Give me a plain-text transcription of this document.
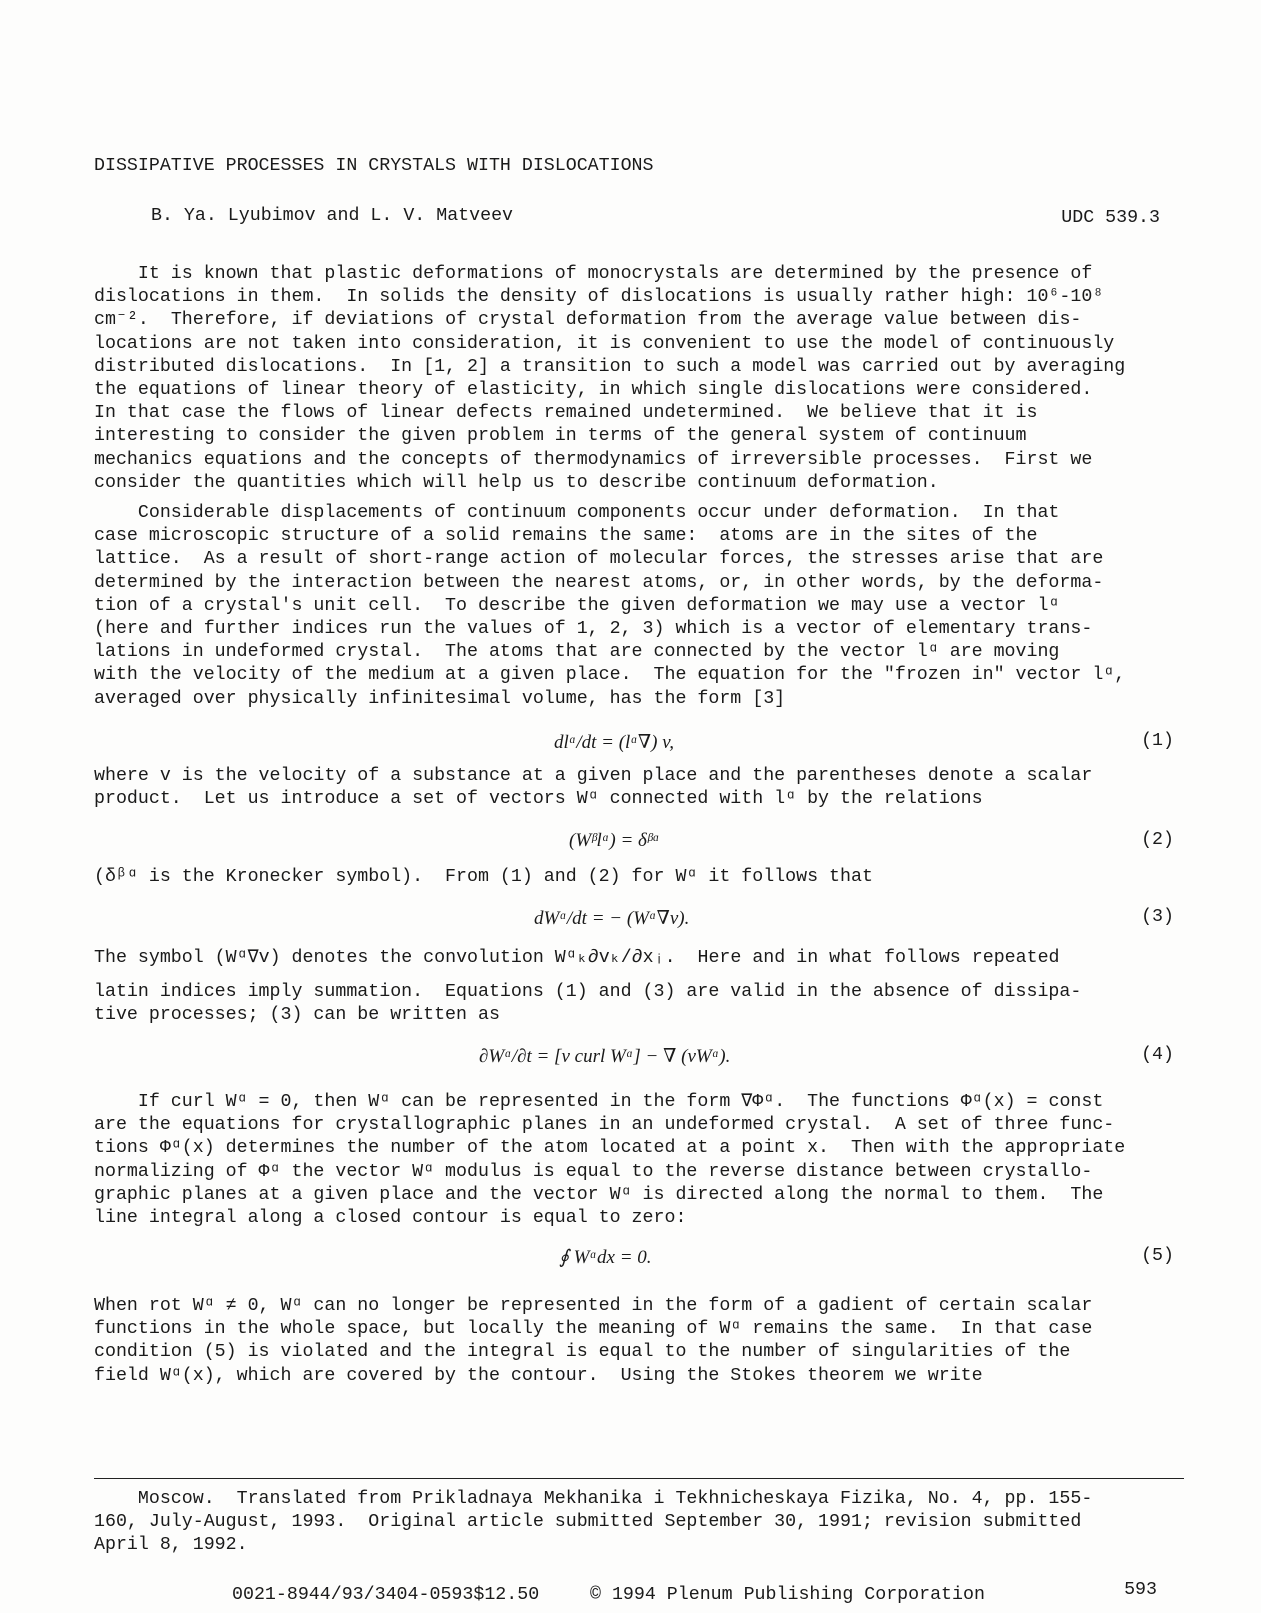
DISSIPATIVE PROCESSES IN CRYSTALS WITH DISLOCATIONS
B. Ya. Lyubimov and L. V. Matveev	UDC 539.3

It is known that plastic deformations of monocrystals are determined by the presence of

dislocations in them.  In solids the density of dislocations is usually rather high: 10⁶-10⁸

cm⁻².  Therefore, if deviations of crystal deformation from the average value between dis-

locations are not taken into consideration, it is convenient to use the model of continuously

distributed dislocations.  In [1, 2] a transition to such a model was carried out by averaging

the equations of linear theory of elasticity, in which single dislocations were considered.

In that case the flows of linear defects remained undetermined.  We believe that it is

interesting to consider the given problem in terms of the general system of continuum

mechanics equations and the concepts of thermodynamics of irreversible processes.  First we

consider the quantities which will help us to describe continuum deformation.

Considerable displacements of continuum components occur under deformation.  In that

case microscopic structure of a solid remains the same:  atoms are in the sites of the

lattice.  As a result of short-range action of molecular forces, the stresses arise that are

determined by the interaction between the nearest atoms, or, in other words, by the deforma-

tion of a crystal's unit cell.  To describe the given deformation we may use a vector lᵅ

(here and further indices run the values of 1, 2, 3) which is a vector of elementary trans-

lations in undeformed crystal.  The atoms that are connected by the vector lᵅ are moving

with the velocity of the medium at a given place.  The equation for the "frozen in" vector lᵅ,

averaged over physically infinitesimal volume, has the form [3]

dlᵅ/dt = (lᵅ∇) v,	(1)

where v is the velocity of a substance at a given place and the parentheses denote a scalar

product.  Let us introduce a set of vectors Wᵅ connected with lᵅ by the relations

(Wᵝlᵅ) = δᵝᵅ	(2)

(δᵝᵅ is the Kronecker symbol).  From (1) and (2) for Wᵅ it follows that

dWᵅ/dt = − (Wᵅ∇v).	(3)

The symbol (Wᵅ∇v) denotes the convolution Wᵅₖ∂vₖ/∂xᵢ.  Here and in what follows repeated

latin indices imply summation.  Equations (1) and (3) are valid in the absence of dissipa-

tive processes; (3) can be written as

∂Wᵅ/∂t = [v curl Wᵅ] − ∇ (vWᵅ).	(4)

If curl Wᵅ = 0, then Wᵅ can be represented in the form ∇Φᵅ.  The functions Φᵅ(x) = const

are the equations for crystallographic planes in an undeformed crystal.  A set of three func-

tions Φᵅ(x) determines the number of the atom located at a point x.  Then with the appropriate

normalizing of Φᵅ the vector Wᵅ modulus is equal to the reverse distance between crystallo-

graphic planes at a given place and the vector Wᵅ is directed along the normal to them.  The

line integral along a closed contour is equal to zero:

∮ Wᵅdx = 0.	(5)

When rot Wᵅ ≠ 0, Wᵅ can no longer be represented in the form of a gadient of certain scalar

functions in the whole space, but locally the meaning of Wᵅ remains the same.  In that case

condition (5) is violated and the integral is equal to the number of singularities of the

field Wᵅ(x), which are covered by the contour.  Using the Stokes theorem we write

Moscow.  Translated from Prikladnaya Mekhanika i Tekhnicheskaya Fizika, No. 4, pp. 155-

160, July-August, 1993.  Original article submitted September 30, 1991; revision submitted

April 8, 1992.

0021-8944/93/3404-0593$12.50	© 1994 Plenum Publishing Corporation	593
